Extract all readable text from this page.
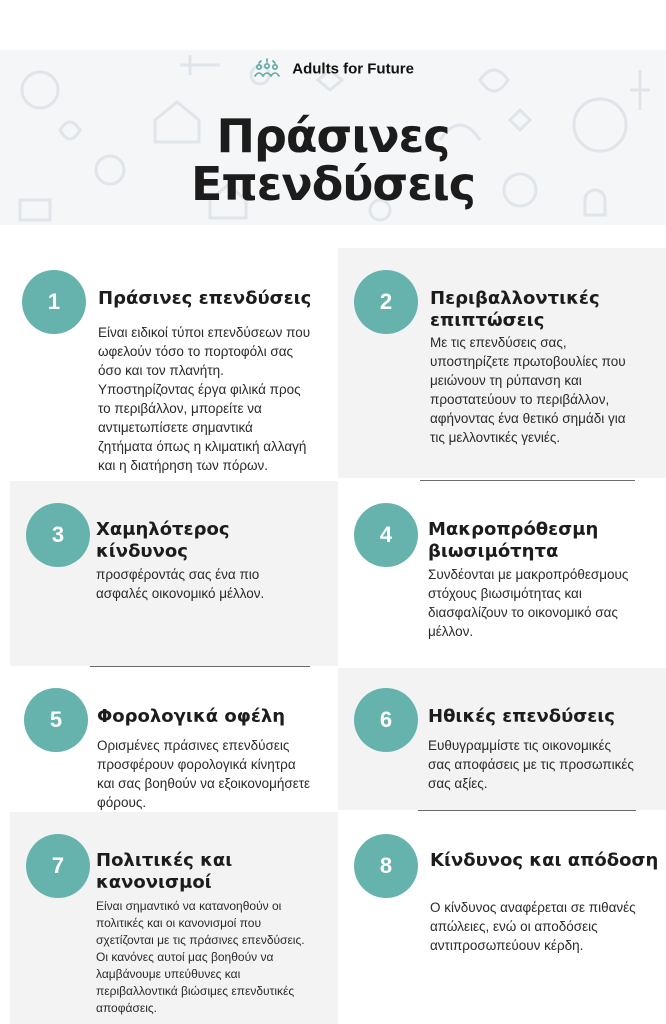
Adults for Future
Πράσινες
Επενδύσεις
1	Πράσινες επενδύσεις
Είναι ειδικοί τύποι επενδύσεων που
ωφελούν τόσο το πορτοφόλι σας
όσο και τον πλανήτη.
Υποστηρίζοντας έργα φιλικά προς
το περιβάλλον, μπορείτε να
αντιμετωπίσετε σημαντικά
ζητήματα όπως η κλιματική αλλαγή
και η διατήρηση των πόρων.
2	Περιβαλλοντικές
επιπτώσεις
Με τις επενδύσεις σας,
υποστηρίζετε πρωτοβουλίες που
μειώνουν τη ρύπανση και
προστατεύουν το περιβάλλον,
αφήνοντας ένα θετικό σημάδι για
τις μελλοντικές γενιές.
3	Χαμηλότερος
κίνδυνος
προσφέροντάς σας ένα πιο
ασφαλές οικονομικό μέλλον.
4	Μακροπρόθεσμη
βιωσιμότητα
Συνδέονται με μακροπρόθεσμους
στόχους βιωσιμότητας και
διασφαλίζουν το οικονομικό σας
μέλλον.
5	Φορολογικά οφέλη
Ορισμένες πράσινες επενδύσεις
προσφέρουν φορολογικά κίνητρα
και σας βοηθούν να εξοικονομήσετε
φόρους.
6	Ηθικές επενδύσεις
Ευθυγραμμίστε τις οικονομικές
σας αποφάσεις με τις προσωπικές
σας αξίες.
7	Πολιτικές και
κανονισμοί
Είναι σημαντικό να κατανοηθούν οι
πολιτικές και οι κανονισμοί που
σχετίζονται με τις πράσινες επενδύσεις.
Οι κανόνες αυτοί μας βοηθούν να
λαμβάνουμε υπεύθυνες και
περιβαλλοντικά βιώσιμες επενδυτικές
αποφάσεις.
8	Κίνδυνος και απόδοση
Ο κίνδυνος αναφέρεται σε πιθανές
απώλειες, ενώ οι αποδόσεις
αντιπροσωπεύουν κέρδη.
